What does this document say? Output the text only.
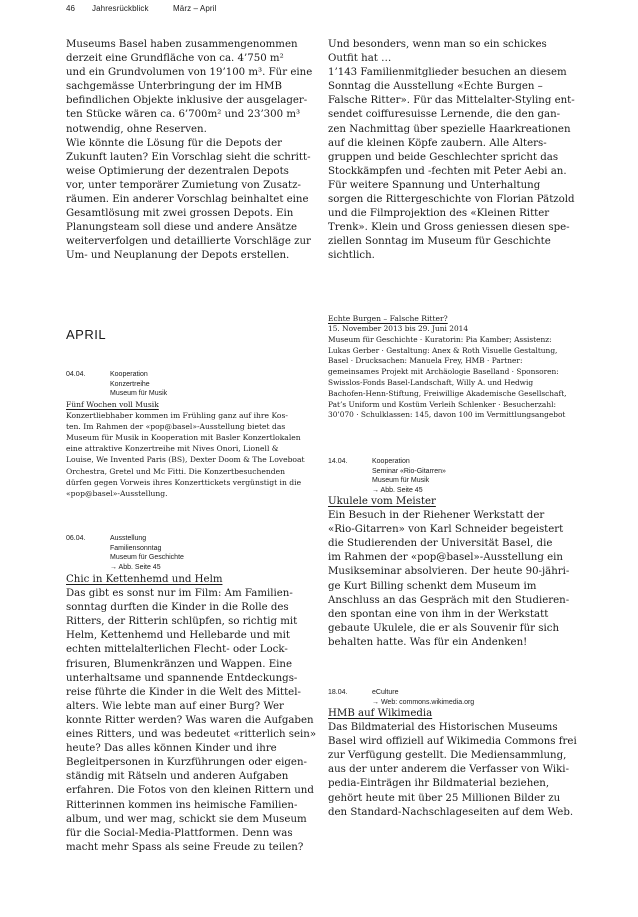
46 Jahresrückblick	März – April

Museums Basel haben zusammengenommen
derzeit eine Grundfläche von ca. 4’750 m²
und ein Grundvolumen von 19’100 m³. Für eine
sachgemässe Unterbringung der im HMB
befindlichen Objekte inklusive der ausgelager-
ten Stücke wären ca. 6’700m² und 23’300 m³
notwendig, ohne Reserven.
Wie könnte die Lösung für die Depots der
Zukunft lauten? Ein Vorschlag sieht die schritt-
weise Optimierung der dezentralen Depots
vor, unter temporärer Zumietung von Zusatz-
räumen. Ein anderer Vorschlag beinhaltet eine
Gesamtlösung mit zwei grossen Depots. Ein
Planungsteam soll diese und andere Ansätze
weiterverfolgen und detaillierte Vorschläge zur
Um- und Neuplanung der Depots erstellen.

APRIL
04.04.	Kooperation
Konzertreihe
Museum für Musik

Fünf Wochen voll Musik

Konzertliebhaber kommen im Frühling ganz auf ihre Kos-
ten. Im Rahmen der «pop@basel»-Ausstellung bietet das
Museum für Musik in Kooperation mit Basler Konzertlokalen
eine attraktive Konzertreihe mit Nives Onori, Lionell &
Louise, We Invented Paris (BS), Dexter Doom & The Loveboat
Orchestra, Gretel und Mc Fitti. Die Konzertbesuchenden
dürfen gegen Vorweis ihres Konzerttickets vergünstigt in die
«pop@basel»-Ausstellung.

06.04.	Ausstellung
Familiensonntag
Museum für Geschichte
→ Abb. Seite 45

Chic in Kettenhemd und Helm

Das gibt es sonst nur im Film: Am Familien-
sonntag durften die Kinder in die Rolle des
Ritters, der Ritterin schlüpfen, so richtig mit
Helm, Kettenhemd und Hellebarde und mit
echten mittelalterlichen Flecht- oder Lock-
frisuren, Blumenkränzen und Wappen. Eine
unterhaltsame und spannende Entdeckungs-
reise führte die Kinder in die Welt des Mittel-
alters. Wie lebte man auf einer Burg? Wer
konnte Ritter werden? Was waren die Aufgaben
eines Ritters, und was bedeutet «ritterlich sein»
heute? Das alles können Kinder und ihre
Begleitpersonen in Kurzführungen oder eigen-
ständig mit Rätseln und anderen Aufgaben
erfahren. Die Fotos von den kleinen Rittern und
Ritterinnen kommen ins heimische Familien-
album, und wer mag, schickt sie dem Museum
für die Social-Media-Plattformen. Denn was
macht mehr Spass als seine Freude zu teilen?

Und besonders, wenn man so ein schickes
Outfit hat …
1’143 Familienmitglieder besuchen an diesem
Sonntag die Ausstellung «Echte Burgen –
Falsche Ritter». Für das Mittelalter-Styling ent-
sendet coiffuresuisse Lernende, die den gan-
zen Nachmittag über spezielle Haarkreationen
auf die kleinen Köpfe zaubern. Alle Alters-
gruppen und beide Geschlechter spricht das
Stockkämpfen und -fechten mit Peter Aebi an.
Für weitere Spannung und Unterhaltung
sorgen die Rittergeschichte von Florian Pätzold
und die Filmprojektion des «Kleinen Ritter
Trenk». Klein und Gross geniessen diesen spe-
ziellen Sonntag im Museum für Geschichte
sichtlich.

Echte Burgen – Falsche Ritter?

15. November 2013 bis 29. Juni 2014
Museum für Geschichte · Kuratorin: Pia Kamber; Assistenz:
Lukas Gerber · Gestaltung: Anex & Roth Visuelle Gestaltung,
Basel · Drucksachen: Manuela Frey, HMB · Partner:
gemeinsames Projekt mit Archäologie Baselland · Sponsoren:
Swisslos-Fonds Basel-Landschaft, Willy A. und Hedwig
Bachofen-Henn-Stiftung, Freiwillige Akademische Gesellschaft,
Pat’s Uniform und Kostüm Verleih Schlenker · Besucherzahl:
30’070 · Schulklassen: 145, davon 100 im Vermittlungsangebot

14.04.	Kooperation
Seminar «Rio-Gitarren»
Museum für Musik
→ Abb. Seite 45

Ukulele vom Meister

Ein Besuch in der Riehener Werkstatt der
«Rio-Gitarren» von Karl Schneider begeistert
die Studierenden der Universität Basel, die
im Rahmen der «pop@basel»-Ausstellung ein
Musikseminar absolvieren. Der heute 90-jähri-
ge Kurt Billing schenkt dem Museum im
Anschluss an das Gespräch mit den Studieren-
den spontan eine von ihm in der Werkstatt
gebaute Ukulele, die er als Souvenir für sich
behalten hatte. Was für ein Andenken!

18.04.	eCulture
→ Web: commons.wikimedia.org

HMB auf Wikimedia

Das Bildmaterial des Historischen Museums
Basel wird offiziell auf Wikimedia Commons frei
zur Verfügung gestellt. Die Mediensammlung,
aus der unter anderem die Verfasser von Wiki-
pedia-Einträgen ihr Bildmaterial beziehen,
gehört heute mit über 25 Millionen Bilder zu
den Standard-Nachschlageseiten auf dem Web.
